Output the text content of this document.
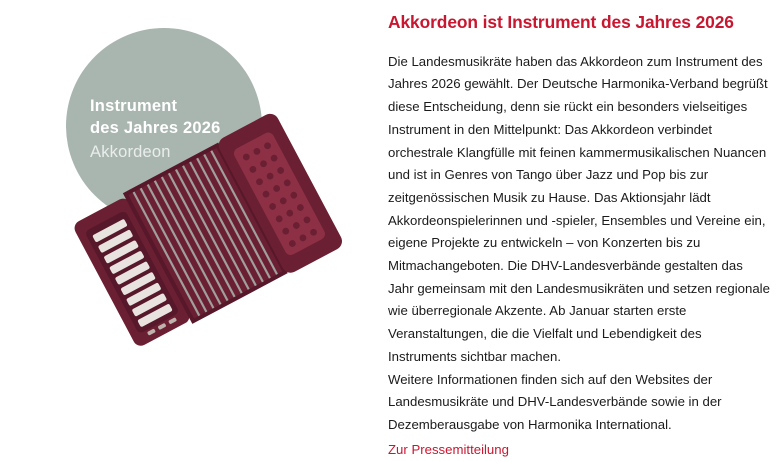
Instrument
des Jahres 2026
Akkordeon
Akkordeon ist Instrument des Jahres 2026

Die Landesmusikräte haben das Akkordeon zum Instrument des Jahres 2026 gewählt. Der Deutsche Harmonika-Verband begrüßt diese Entscheidung, denn sie rückt ein besonders vielseitiges Instrument in den Mittelpunkt: Das Akkordeon verbindet orchestrale Klangfülle mit feinen kammermusikalischen Nuancen und ist in Genres von Tango über Jazz und Pop bis zur zeitgenössischen Musik zu Hause. Das Aktionsjahr lädt Akkordeonspielerinnen und -spieler, Ensembles und Vereine ein, eigene Projekte zu entwickeln – von Konzerten bis zu Mitmachangeboten. Die DHV-Landesverbände gestalten das Jahr gemeinsam mit den Landesmusikräten und setzen regionale wie überregionale Akzente. Ab Januar starten erste Veranstaltungen, die die Vielfalt und Lebendigkeit des Instruments sichtbar machen.

Weitere Informationen finden sich auf den Websites der Landesmusikräte und DHV-Landesverbände sowie in der Dezemberausgabe von Harmonika International.

Zur Pressemitteilung
